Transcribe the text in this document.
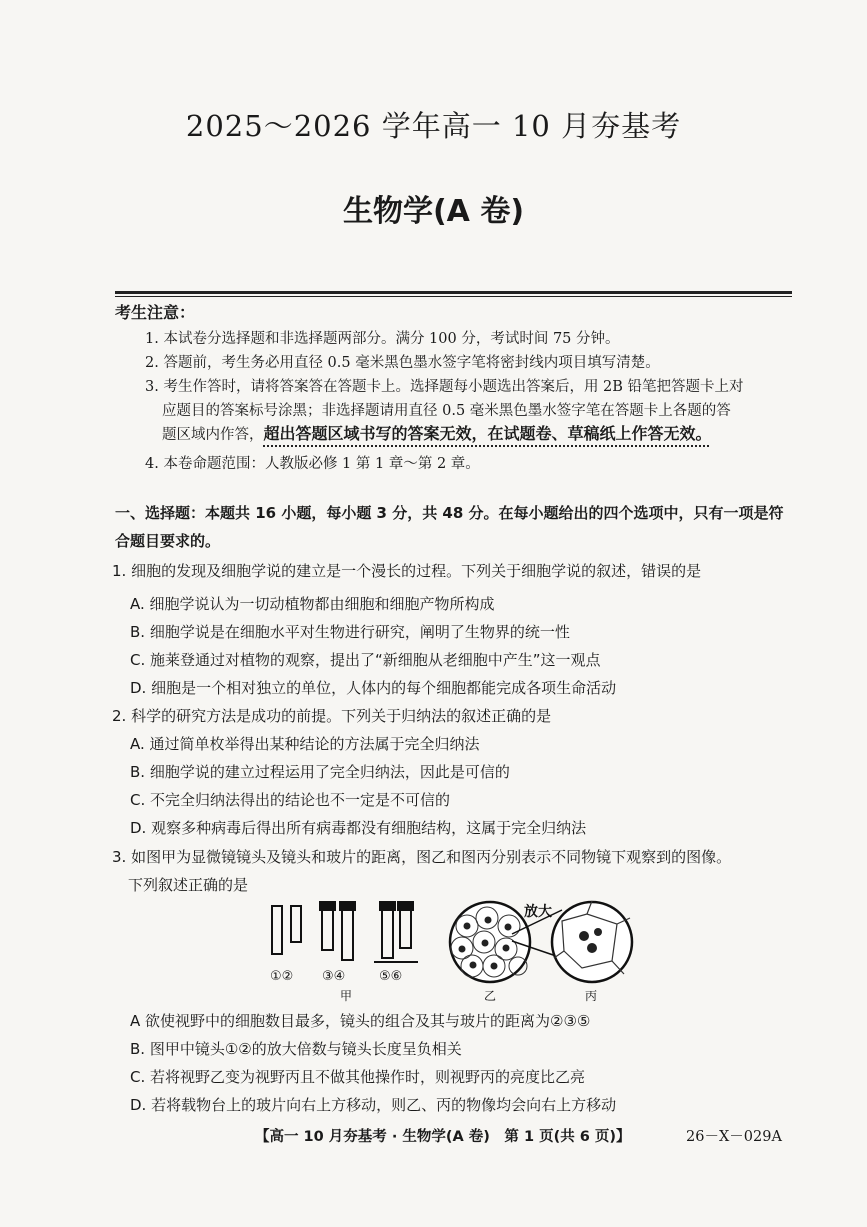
2025～2026 学年高一 10 月夯基考
生物学(A 卷)
考生注意：
1. 本试卷分选择题和非选择题两部分。满分 100 分，考试时间 75 分钟。
2. 答题前，考生务必用直径 0.5 毫米黑色墨水签字笔将密封线内项目填写清楚。
3. 考生作答时，请将答案答在答题卡上。选择题每小题选出答案后，用 2B 铅笔把答题卡上对
应题目的答案标号涂黑；非选择题请用直径 0.5 毫米黑色墨水签字笔在答题卡上各题的答
题区域内作答，超出答题区域书写的答案无效，在试题卷、草稿纸上作答无效。
4. 本卷命题范围：人教版必修 1 第 1 章～第 2 章。
一、选择题：本题共 16 小题，每小题 3 分，共 48 分。在每小题给出的四个选项中，只有一项是符
合题目要求的。
1. 细胞的发现及细胞学说的建立是一个漫长的过程。下列关于细胞学说的叙述，错误的是
A. 细胞学说认为一切动植物都由细胞和细胞产物所构成
B. 细胞学说是在细胞水平对生物进行研究，阐明了生物界的统一性
C. 施莱登通过对植物的观察，提出了“新细胞从老细胞中产生”这一观点
D. 细胞是一个相对独立的单位，人体内的每个细胞都能完成各项生命活动
2. 科学的研究方法是成功的前提。下列关于归纳法的叙述正确的是
A. 通过简单枚举得出某种结论的方法属于完全归纳法
B. 细胞学说的建立过程运用了完全归纳法，因此是可信的
C. 不完全归纳法得出的结论也不一定是不可信的
D. 观察多种病毒后得出所有病毒都没有细胞结构，这属于完全归纳法
3. 如图甲为显微镜镜头及镜头和玻片的距离，图乙和图丙分别表示不同物镜下观察到的图像。
下列叙述正确的是
放大
①② ③④	⑤⑥
甲	乙	丙
A 欲使视野中的细胞数目最多，镜头的组合及其与玻片的距离为②③⑤
B. 图甲中镜头①②的放大倍数与镜头长度呈负相关
C. 若将视野乙变为视野丙且不做其他操作时，则视野丙的亮度比乙亮
D. 若将载物台上的玻片向右上方移动，则乙、丙的物像均会向右上方移动
【高一 10 月夯基考 · 生物学(A 卷)　第 1 页(共 6 页)】	26－X－029A
